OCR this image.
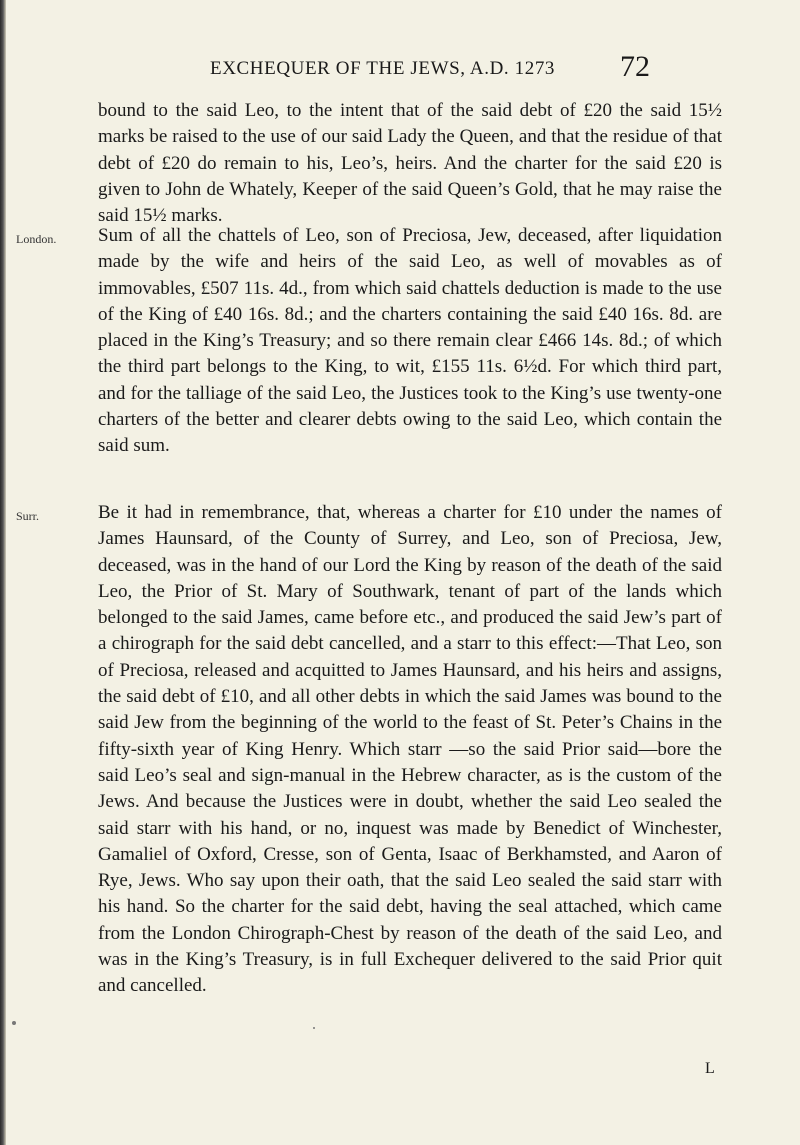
EXCHEQUER OF THE JEWS, A.D. 1273 72
London.
Surr.

bound to the said Leo, to the intent that of the said debt of £20 the said 15½ marks be raised to the use of our said Lady the Queen, and that the residue of that debt of £20 do remain to his, Leo’s, heirs. And the charter for the said £20 is given to John de Whately, Keeper of the said Queen’s Gold, that he may raise the said 15½ marks.

Sum of all the chattels of Leo, son of Preciosa, Jew, deceased, after liquidation made by the wife and heirs of the said Leo, as well of movables as of immovables, £507 11s. 4d., from which said chattels deduction is made to the use of the King of £40 16s. 8d.; and the charters containing the said £40 16s. 8d. are placed in the King’s Treasury; and so there remain clear £466 14s. 8d.; of which the third part belongs to the King, to wit, £155 11s. 6½d. For which third part, and for the talliage of the said Leo, the Justices took to the King’s use twenty-one charters of the better and clearer debts owing to the said Leo, which contain the said sum.

Be it had in remembrance, that, whereas a charter for £10 under the names of James Haunsard, of the County of Surrey, and Leo, son of Preciosa, Jew, deceased, was in the hand of our Lord the King by reason of the death of the said Leo, the Prior of St. Mary of Southwark, tenant of part of the lands which belonged to the said James, came before etc., and produced the said Jew’s part of a chirograph for the said debt cancelled, and a starr to this effect:—That Leo, son of Preciosa, released and acquitted to James Haunsard, and his heirs and assigns, the said debt of £10, and all other debts in which the said James was bound to the said Jew from the beginning of the world to the feast of St. Peter’s Chains in the fifty-sixth year of King Henry. Which starr —so the said Prior said—bore the said Leo’s seal and sign-manual in the Hebrew character, as is the custom of the Jews. And because the Justices were in doubt, whether the said Leo sealed the said starr with his hand, or no, inquest was made by Benedict of Winchester, Gamaliel of Oxford, Cresse, son of Genta, Isaac of Berkhamsted, and Aaron of Rye, Jews. Who say upon their oath, that the said Leo sealed the said starr with his hand. So the charter for the said debt, having the seal attached, which came from the London Chirograph-Chest by reason of the death of the said Leo, and was in the King’s Treasury, is in full Exchequer delivered to the said Prior quit and cancelled.

L
